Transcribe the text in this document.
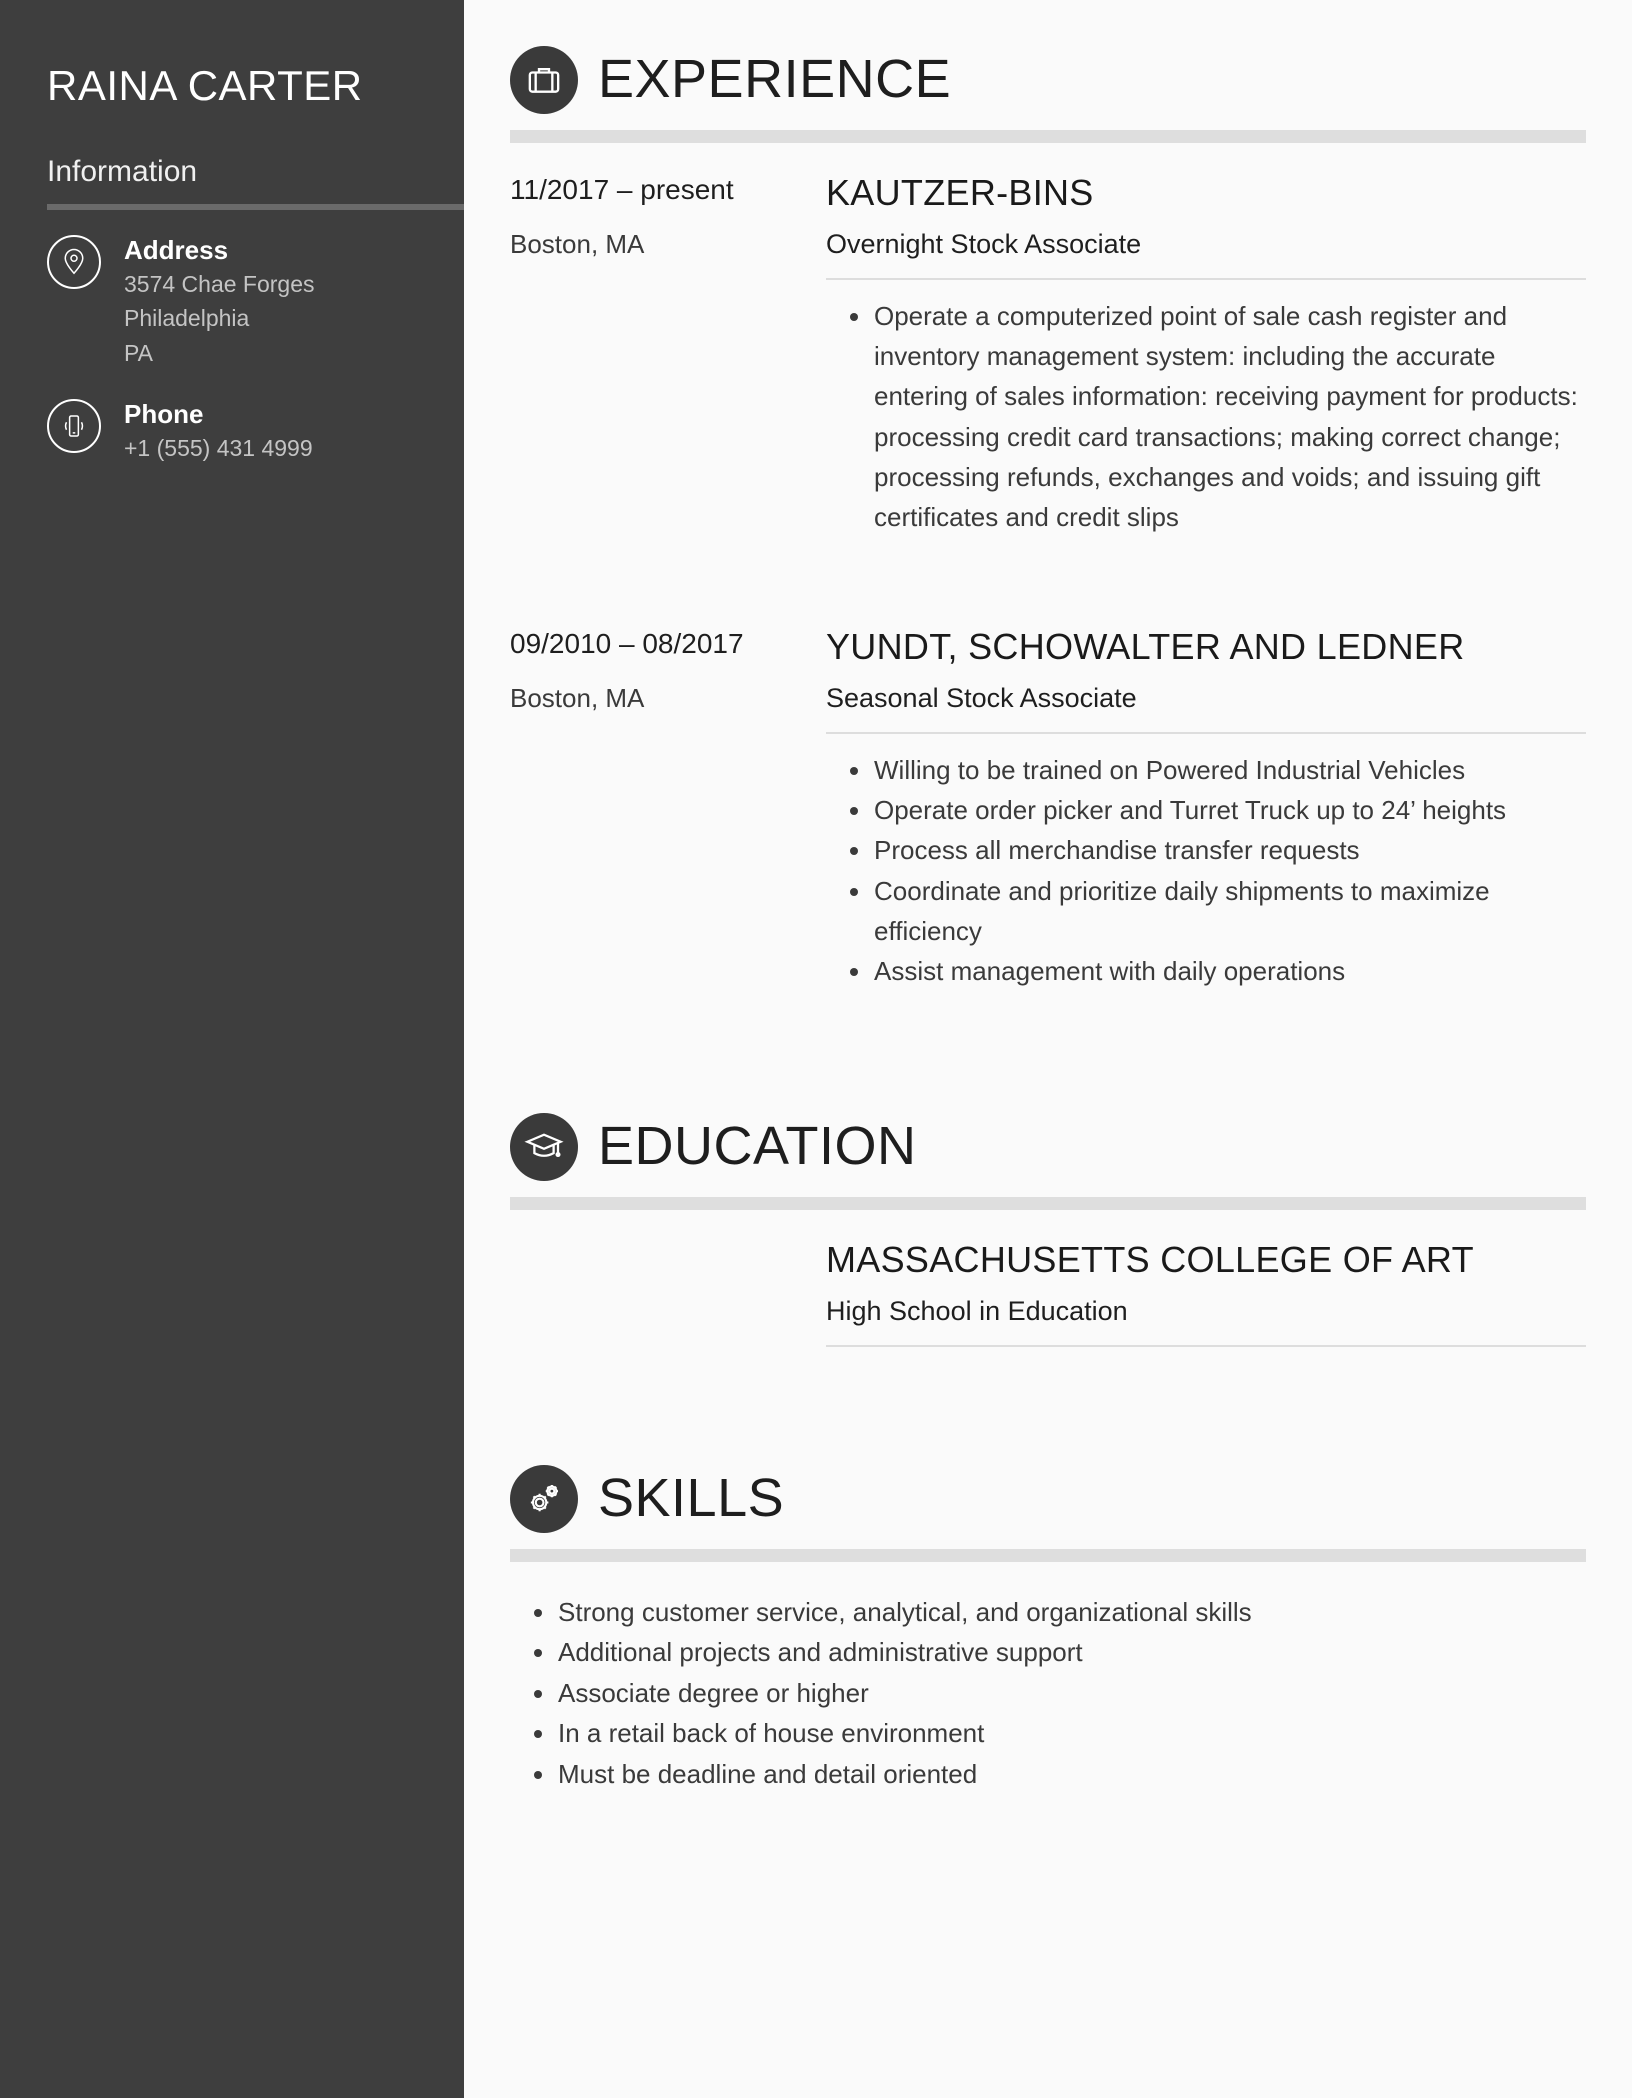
RAINA CARTER
Information
Address
3574 Chae Forges
Philadelphia
PA
Phone
+1 (555) 431 4999
EXPERIENCE
11/2017 – present
Boston, MA
KAUTZER-BINS
Overnight Stock Associate
Operate a computerized point of sale cash register and inventory management system: including the accurate entering of sales information: receiving payment for products: processing credit card transactions; making correct change; processing refunds, exchanges and voids; and issuing gift certificates and credit slips
09/2010 – 08/2017
Boston, MA
YUNDT, SCHOWALTER AND LEDNER
Seasonal Stock Associate
Willing to be trained on Powered Industrial Vehicles
Operate order picker and Turret Truck up to 24’ heights
Process all merchandise transfer requests
Coordinate and prioritize daily shipments to maximize efficiency
Assist management with daily operations
EDUCATION
MASSACHUSETTS COLLEGE OF ART
High School in Education
SKILLS
Strong customer service, analytical, and organizational skills
Additional projects and administrative support
Associate degree or higher
In a retail back of house environment
Must be deadline and detail oriented
